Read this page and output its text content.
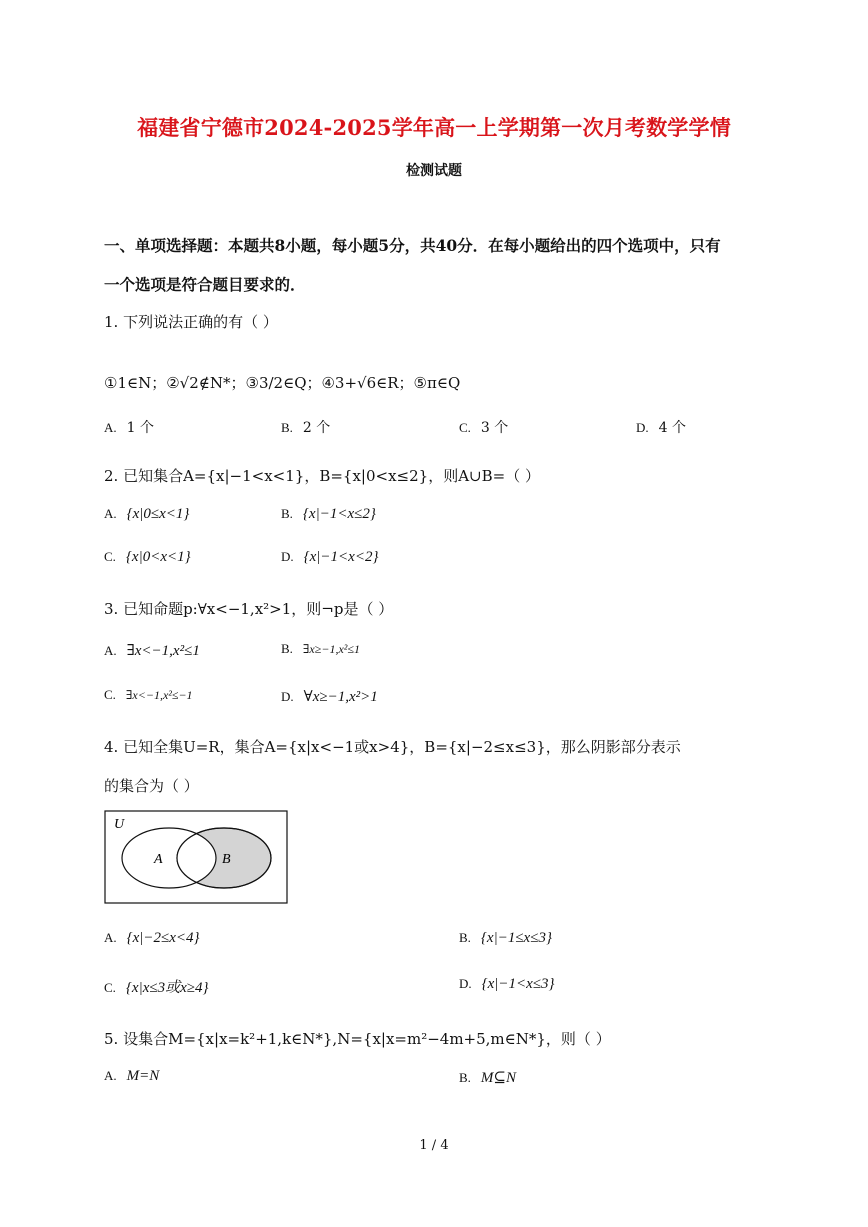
福建省宁德市2024-2025学年高一上学期第一次月考数学学情
检测试题
一、单项选择题：本题共8小题，每小题5分，共40分．在每小题给出的四个选项中，只有
一个选项是符合题目要求的．
1. 下列说法正确的有（ ）
①1∈N；②√2∉N*；③3/2∈Q；④3+√6∈R；⑤π∈Q
A. 1 个	B. 2 个	C. 3 个	D. 4 个
2. 已知集合A={x|−1<x<1}，B={x|0<x≤2}，则A∪B=（ ）
A. {x|0≤x<1}	B. {x|−1<x≤2}
C. {x|0<x<1}	D. {x|−1<x<2}
3. 已知命题p:∀x<−1,x²>1，则¬p是（ ）
A. ∃x<−1,x²≤1	B. ∃x≥−1,x²≤1
C. ∃x<−1,x²≤−1	D. ∀x≥−1,x²>1
4. 已知全集U=R，集合A={x|x<−1或x>4}，B={x|−2≤x≤3}，那么阴影部分表示
的集合为（ ）
U
A	B
A. {x|−2≤x<4}	B. {x|−1≤x≤3}
C. {x|x≤3或x≥4}	D. {x|−1<x≤3}
5. 设集合M={x|x=k²+1,k∈N*},N={x|x=m²−4m+5,m∈N*}，则（ ）
A. M=N	B. M⊆N
1 / 4
